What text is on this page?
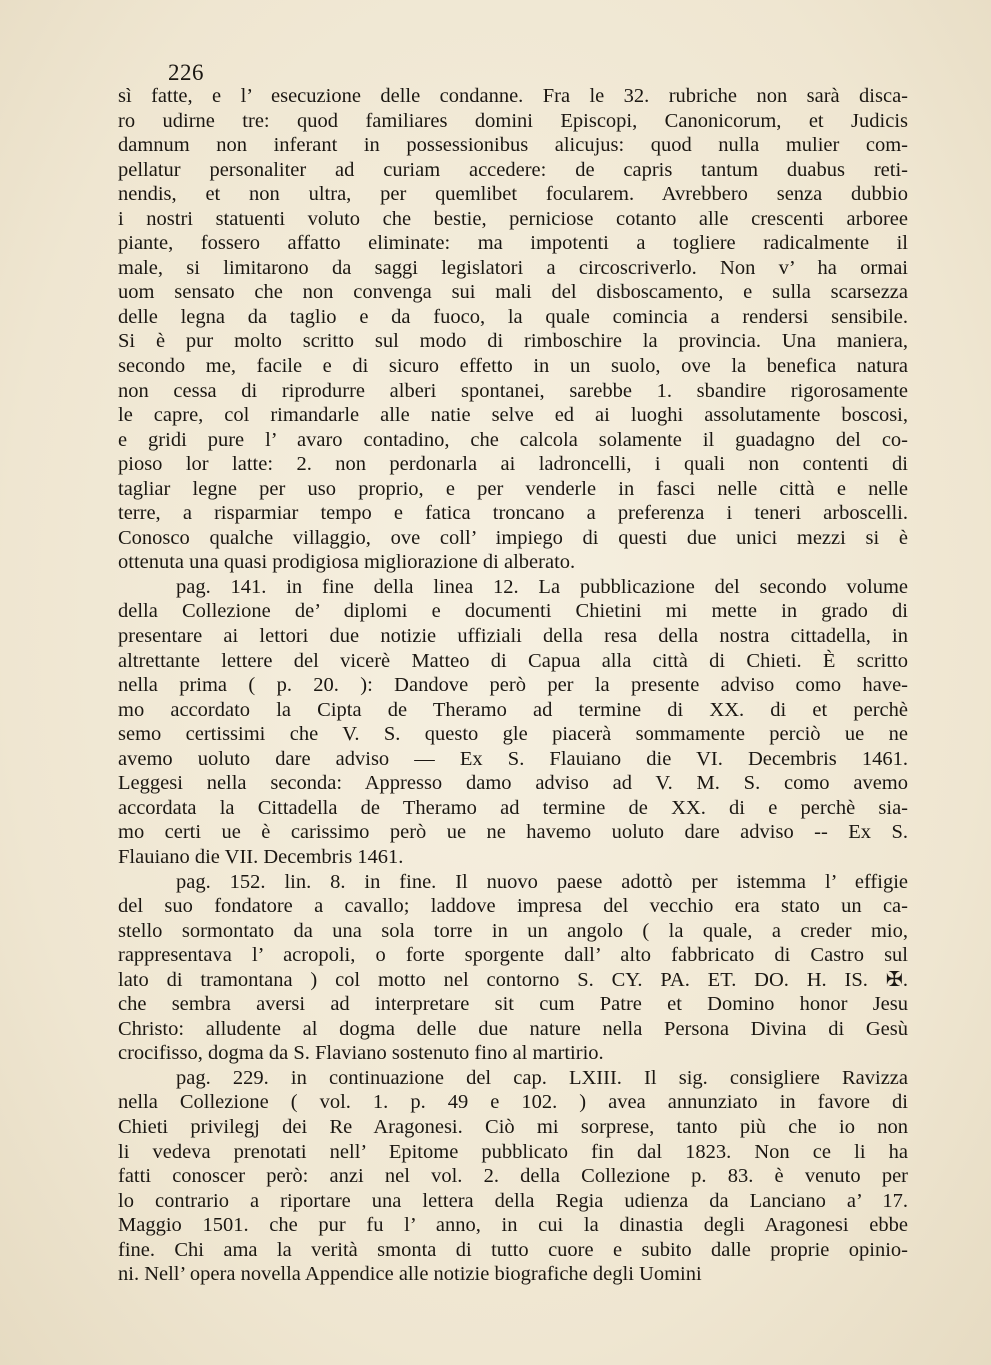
226
sì fatte, e l’ esecuzione delle condanne. Fra le 32. rubriche non sarà disca-
ro udirne tre: quod familiares domini Episcopi, Canonicorum, et Judicis
damnum non inferant in possessionibus alicujus: quod nulla mulier com-
pellatur personaliter ad curiam accedere: de capris tantum duabus reti-
nendis, et non ultra, per quemlibet focularem. Avrebbero senza dubbio
i nostri statuenti voluto che bestie, perniciose cotanto alle crescenti arboree
piante, fossero affatto eliminate: ma impotenti a togliere radicalmente il
male, si limitarono da saggi legislatori a circoscriverlo. Non v’ ha ormai
uom sensato che non convenga sui mali del disboscamento, e sulla scarsezza
delle legna da taglio e da fuoco, la quale comincia a rendersi sensibile.
Si è pur molto scritto sul modo di rimboschire la provincia. Una maniera,
secondo me, facile e di sicuro effetto in un suolo, ove la benefica natura
non cessa di riprodurre alberi spontanei, sarebbe 1. sbandire rigorosamente
le capre, col rimandarle alle natie selve ed ai luoghi assolutamente boscosi,
e gridi pure l’ avaro contadino, che calcola solamente il guadagno del co-
pioso lor latte: 2. non perdonarla ai ladroncelli, i quali non contenti di
tagliar legne per uso proprio, e per venderle in fasci nelle città e nelle
terre, a risparmiar tempo e fatica troncano a preferenza i teneri arboscelli.
Conosco qualche villaggio, ove coll’ impiego di questi due unici mezzi si è
ottenuta una quasi prodigiosa migliorazione di alberato.
pag. 141. in fine della linea 12. La pubblicazione del secondo volume
della Collezione de’ diplomi e documenti Chietini mi mette in grado di
presentare ai lettori due notizie uffiziali della resa della nostra cittadella, in
altrettante lettere del vicerè Matteo di Capua alla città di Chieti. È scritto
nella prima ( p. 20. ): Dandove però per la presente adviso como have-
mo accordato la Cipta de Theramo ad termine di XX. di et perchè
semo certissimi che V. S. questo gle piacerà sommamente perciò ue ne
avemo uoluto dare adviso — Ex S. Flauiano die VI. Decembris 1461.
Leggesi nella seconda: Appresso damo adviso ad V. M. S. como avemo
accordata la Cittadella de Theramo ad termine de XX. di e perchè sia-
mo certi ue è carissimo però ue ne havemo uoluto dare adviso -- Ex S.
Flauiano die VII. Decembris 1461.
pag. 152. lin. 8. in fine. Il nuovo paese adottò per istemma l’ effigie
del suo fondatore a cavallo; laddove impresa del vecchio era stato un ca-
stello sormontato da una sola torre in un angolo ( la quale, a creder mio,
rappresentava l’ acropoli, o forte sporgente dall’ alto fabbricato di Castro sul
lato di tramontana ) col motto nel contorno S. CY. PA. ET. DO. H. IS. ✠.
che sembra aversi ad interpretare sit cum Patre et Domino honor Jesu
Christo: alludente al dogma delle due nature nella Persona Divina di Gesù
crocifisso, dogma da S. Flaviano sostenuto fino al martirio.
pag. 229. in continuazione del cap. LXIII. Il sig. consigliere Ravizza
nella Collezione ( vol. 1. p. 49 e 102. ) avea annunziato in favore di
Chieti privilegj dei Re Aragonesi. Ciò mi sorprese, tanto più che io non
li vedeva prenotati nell’ Epitome pubblicato fin dal 1823. Non ce li ha
fatti conoscer però: anzi nel vol. 2. della Collezione p. 83. è venuto per
lo contrario a riportare una lettera della Regia udienza da Lanciano a’ 17.
Maggio 1501. che pur fu l’ anno, in cui la dinastia degli Aragonesi ebbe
fine. Chi ama la verità smonta di tutto cuore e subito dalle proprie opinio-
ni. Nell’ opera novella Appendice alle notizie biografiche degli Uomini
